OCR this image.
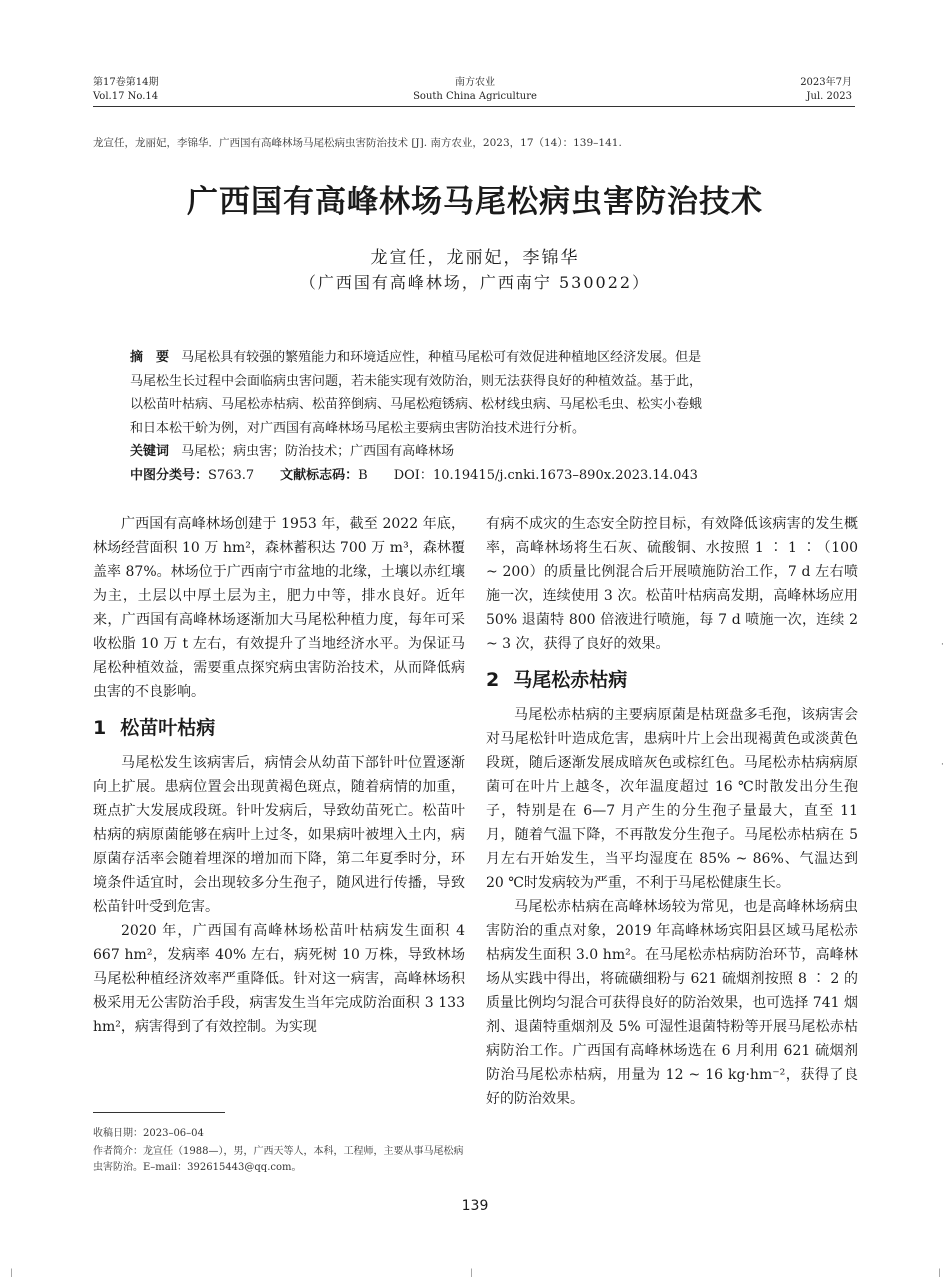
第17卷第14期
Vol.17 No.14
南方农业
South China Agriculture
2023年7月
Jul. 2023
龙宣任，龙丽妃，李锦华．广西国有高峰林场马尾松病虫害防治技术 [J]. 南方农业，2023，17（14）：139–141.
广西国有高峰林场马尾松病虫害防治技术
龙宣任，龙丽妃，李锦华
（广西国有高峰林场，广西南宁 530022）
摘　要 马尾松具有较强的繁殖能力和环境适应性，种植马尾松可有效促进种植地区经济发展。但是
马尾松生长过程中会面临病虫害问题，若未能实现有效防治，则无法获得良好的种植效益。基于此，
以松苗叶枯病、马尾松赤枯病、松苗猝倒病、马尾松疱锈病、松材线虫病、马尾松毛虫、松实小卷蛾
和日本松干蚧为例，对广西国有高峰林场马尾松主要病虫害防治技术进行分析。
关键词 马尾松；病虫害；防治技术；广西国有高峰林场
中图分类号：S763.7 文献标志码：B DOI：10.19415/j.cnki.1673–890x.2023.14.043

广西国有高峰林场创建于 1953 年，截至 2022 年底，林场经营面积 10 万 hm²，森林蓄积达 700 万 m³，森林覆盖率 87%。林场位于广西南宁市盆地的北缘，土壤以赤红壤为主，土层以中厚土层为主，肥力中等，排水良好。近年来，广西国有高峰林场逐渐加大马尾松种植力度，每年可采收松脂 10 万 t 左右，有效提升了当地经济水平。为保证马尾松种植效益，需要重点探究病虫害防治技术，从而降低病虫害的不良影响。

1 松苗叶枯病

马尾松发生该病害后，病情会从幼苗下部针叶位置逐渐向上扩展。患病位置会出现黄褐色斑点，随着病情的加重，斑点扩大发展成段斑。针叶发病后，导致幼苗死亡。松苗叶枯病的病原菌能够在病叶上过冬，如果病叶被埋入土内，病原菌存活率会随着埋深的增加而下降，第二年夏季时分，环境条件适宜时，会出现较多分生孢子，随风进行传播，导致松苗针叶受到危害。

2020 年，广西国有高峰林场松苗叶枯病发生面积 4 667 hm²，发病率 40% 左右，病死树 10 万株，导致林场马尾松种植经济效率严重降低。针对这一病害，高峰林场积极采用无公害防治手段，病害发生当年完成防治面积 3 133 hm²，病害得到了有效控制。为实现

有病不成灾的生态安全防控目标，有效降低该病害的发生概率，高峰林场将生石灰、硫酸铜、水按照 1 ∶ 1 ∶（100 ~ 200）的质量比例混合后开展喷施防治工作，7 d 左右喷施一次，连续使用 3 次。松苗叶枯病高发期，高峰林场应用 50% 退菌特 800 倍液进行喷施，每 7 d 喷施一次，连续 2 ~ 3 次，获得了良好的效果。

2 马尾松赤枯病

马尾松赤枯病的主要病原菌是枯斑盘多毛孢，该病害会对马尾松针叶造成危害，患病叶片上会出现褐黄色或淡黄色段斑，随后逐渐发展成暗灰色或棕红色。马尾松赤枯病病原菌可在叶片上越冬，次年温度超过 16 ℃时散发出分生孢子，特别是在 6—7 月产生的分生孢子量最大，直至 11 月，随着气温下降，不再散发分生孢子。马尾松赤枯病在 5 月左右开始发生，当平均湿度在 85% ~ 86%、气温达到 20 ℃时发病较为严重，不利于马尾松健康生长。

马尾松赤枯病在高峰林场较为常见，也是高峰林场病虫害防治的重点对象，2019 年高峰林场宾阳县区域马尾松赤枯病发生面积 3.0 hm²。在马尾松赤枯病防治环节，高峰林场从实践中得出，将硫磺细粉与 621 硫烟剂按照 8 ∶ 2 的质量比例均匀混合可获得良好的防治效果，也可选择 741 烟剂、退菌特重烟剂及 5% 可湿性退菌特粉等开展马尾松赤枯病防治工作。广西国有高峰林场选在 6 月利用 621 硫烟剂防治马尾松赤枯病，用量为 12 ~ 16 kg·hm⁻²，获得了良好的防治效果。

收稿日期：2023–06–04
作者简介：龙宣任（1988—），男，广西天等人，本科，工程师，主要从事马尾松病虫害防治。E–mail：392615443@qq.com。
139
·
·
|	|	|
